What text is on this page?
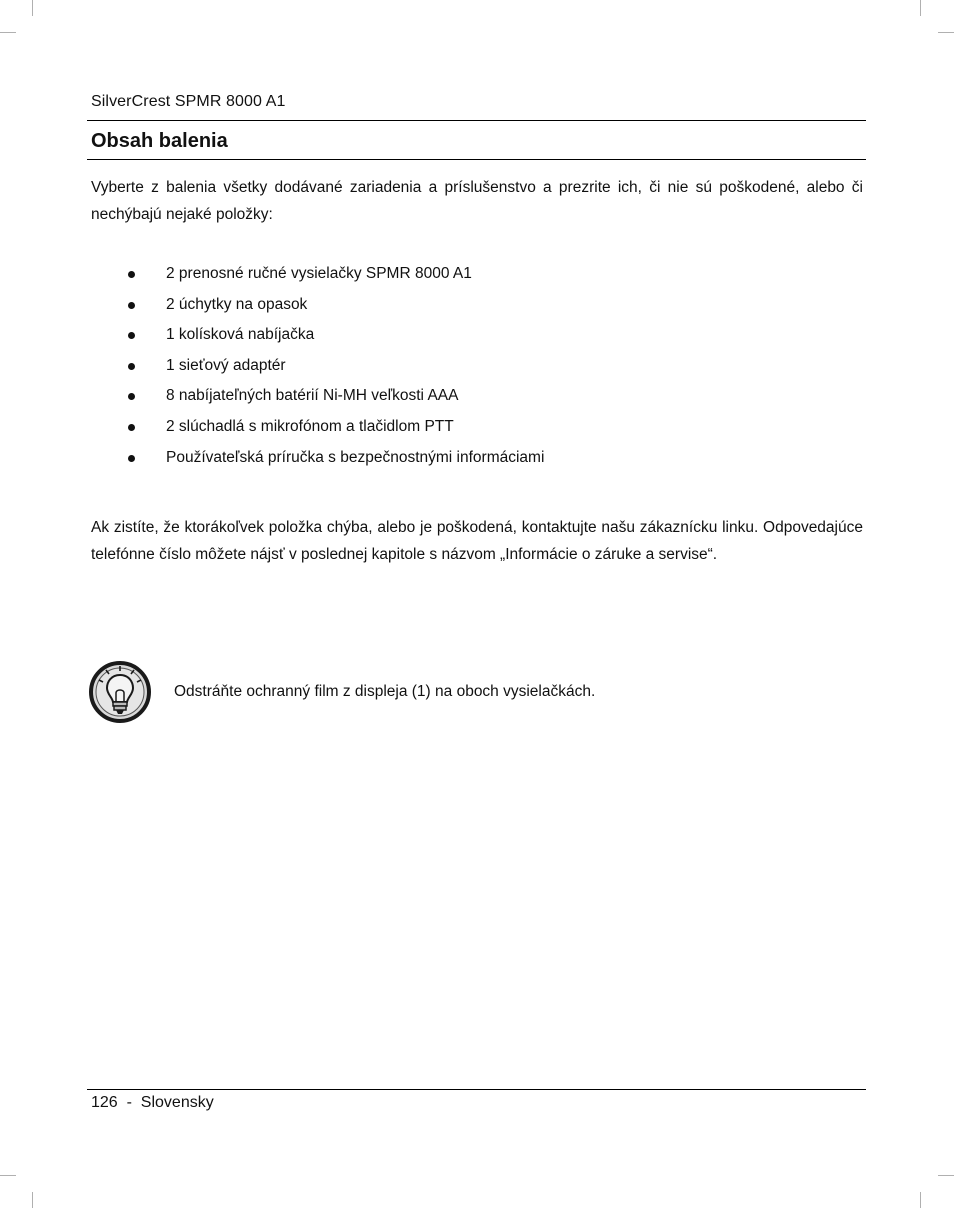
SilverCrest SPMR 8000 A1
Obsah balenia
Vyberte z balenia všetky dodávané zariadenia a príslušenstvo a prezrite ich, či nie sú poškodené, alebo či nechýbajú nejaké položky:
2 prenosné ručné vysielačky SPMR 8000 A1
2 úchytky na opasok
1 kolísková nabíjačka
1 sieťový adaptér
8 nabíjateľných batérií Ni-MH veľkosti AAA
2 slúchadlá s mikrofónom a tlačidlom PTT
Používateľská príručka s bezpečnostnými informáciami
Ak zistíte, že ktorákoľvek položka chýba, alebo je poškodená, kontaktujte našu zákaznícku linku. Odpovedajúce telefónne číslo môžete nájsť v poslednej kapitole s názvom „Informácie o záruke a servise“.
Odstráňte ochranný film z displeja (1) na oboch vysielačkách.
126  -  Slovensky
